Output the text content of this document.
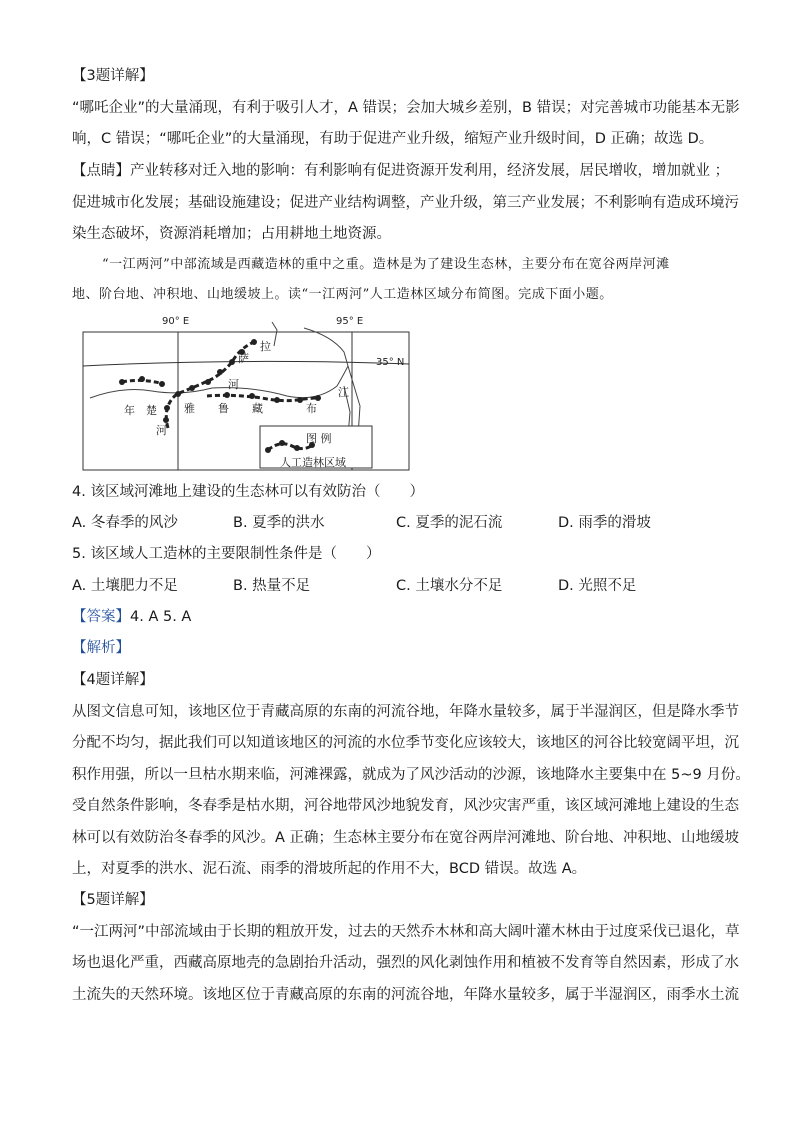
【3题详解】
“哪吒企业”的大量涌现，有利于吸引人才，A 错误；会加大城乡差别，B 错误；对完善城市功能基本无影
响，C 错误；“哪吒企业”的大量涌现，有助于促进产业升级，缩短产业升级时间，D 正确；故选 D。
【点睛】产业转移对迁入地的影响：有利影响有促进资源开发利用，经济发展，居民增收，增加就业 ；
促进城市化发展；基础设施建设；促进产业结构调整，产业升级，第三产业发展；不利影响有造成环境污
染生态破坏，资源消耗增加；占用耕地土地资源。
“一江两河”中部流域是西藏造林的重中之重。造林是为了建设生态林，主要分布在宽谷两岸河滩
地、阶台地、冲积地、山地缓坡上。读“一江两河”人工造林区域分布简图。完成下面小题。
90° E	95° E
35° N
拉
萨
河
年 楚
河
雅 鲁 藏	布
江
图 例
人工造林区域
4. 该区域河滩地上建设的生态林可以有效防治（　　）
A. 冬春季的风沙	B. 夏季的洪水	C. 夏季的泥石流	D. 雨季的滑坡
5. 该区域人工造林的主要限制性条件是（　　）
A. 土壤肥力不足	B. 热量不足	C. 土壤水分不足	D. 光照不足
【答案】4. A 5. A
【解析】
【4题详解】
从图文信息可知，该地区位于青藏高原的东南的河流谷地，年降水量较多，属于半湿润区，但是降水季节
分配不均匀，据此我们可以知道该地区的河流的水位季节变化应该较大，该地区的河谷比较宽阔平坦，沉
积作用强，所以一旦枯水期来临，河滩裸露，就成为了风沙活动的沙源，该地降水主要集中在 5~9 月份。
受自然条件影响，冬春季是枯水期，河谷地带风沙地貌发育，风沙灾害严重，该区域河滩地上建设的生态
林可以有效防治冬春季的风沙。A 正确；生态林主要分布在宽谷两岸河滩地、阶台地、冲积地、山地缓坡
上，对夏季的洪水、泥石流、雨季的滑坡所起的作用不大，BCD 错误。故选 A。
【5题详解】
“一江两河”中部流域由于长期的粗放开发，过去的天然乔木林和高大阔叶灌木林由于过度采伐已退化，草
场也退化严重，西藏高原地壳的急剧抬升活动，强烈的风化剥蚀作用和植被不发育等自然因素，形成了水
土流失的天然环境。该地区位于青藏高原的东南的河流谷地，年降水量较多，属于半湿润区，雨季水土流
